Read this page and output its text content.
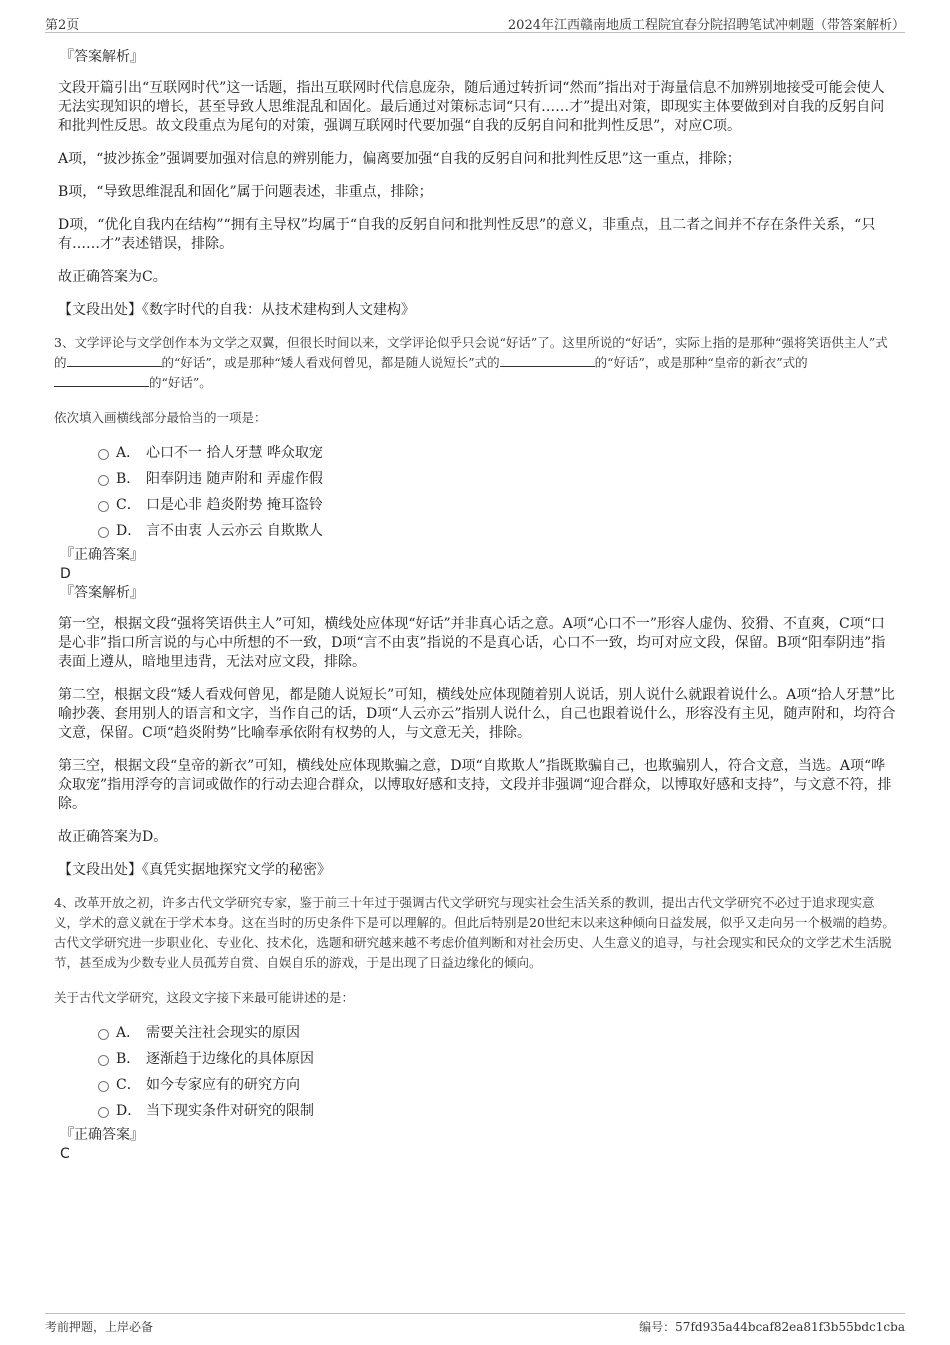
第2页	2024年江西赣南地质工程院宜春分院招聘笔试冲刺题（带答案解析）

『答案解析』

文段开篇引出“互联网时代”这一话题，指出互联网时代信息庞杂，随后通过转折词“然而”指出对于海量信息不加辨别地接受可能会使人无法实现知识的增长，甚至导致人思维混乱和固化。最后通过对策标志词“只有……才”提出对策，即现实主体要做到对自我的反躬自问和批判性反思。故文段重点为尾句的对策，强调互联网时代要加强“自我的反躬自问和批判性反思”，对应C项。

A项，“披沙拣金”强调要加强对信息的辨别能力，偏离要加强“自我的反躬自问和批判性反思”这一重点，排除；

B项，“导致思维混乱和固化”属于问题表述，非重点，排除；

D项，“优化自我内在结构”“拥有主导权”均属于“自我的反躬自问和批判性反思”的意义，非重点，且二者之间并不存在条件关系，“只有……才”表述错误，排除。

故正确答案为C。

【文段出处】《数字时代的自我：从技术建构到人文建构》

3、文学评论与文学创作本为文学之双翼，但很长时间以来，文学评论似乎只会说“好话”了。这里所说的“好话”，实际上指的是那种“强将笑语供主人”式的	的“好话”，或是那种“矮人看戏何曾见，都是随人说短长”式的	的“好话”，或是那种“皇帝的新衣”式的的“好话”。

依次填入画横线部分最恰当的一项是：

A． 心口不一 拾人牙慧 哗众取宠
B． 阳奉阴违 随声附和 弄虚作假
C． 口是心非 趋炎附势 掩耳盗铃
D． 言不由衷 人云亦云 自欺欺人

『正确答案』

D

『答案解析』

第一空，根据文段“强将笑语供主人”可知，横线处应体现“好话”并非真心话之意。A项“心口不一”形容人虚伪、狡猾、不直爽，C项“口是心非”指口所言说的与心中所想的不一致，D项“言不由衷”指说的不是真心话，心口不一致，均可对应文段，保留。B项“阳奉阴违”指表面上遵从，暗地里违背，无法对应文段，排除。

第二空，根据文段“矮人看戏何曾见，都是随人说短长”可知，横线处应体现随着别人说话，别人说什么就跟着说什么。A项“拾人牙慧”比喻抄袭、套用别人的语言和文字，当作自己的话，D项“人云亦云”指别人说什么，自己也跟着说什么，形容没有主见，随声附和，均符合文意，保留。C项“趋炎附势”比喻奉承依附有权势的人，与文意无关，排除。

第三空，根据文段“皇帝的新衣”可知，横线处应体现欺骗之意，D项“自欺欺人”指既欺骗自己，也欺骗别人，符合文意，当选。A项“哗众取宠”指用浮夸的言词或做作的行动去迎合群众，以博取好感和支持，文段并非强调“迎合群众，以博取好感和支持”，与文意不符，排除。

故正确答案为D。

【文段出处】《真凭实据地探究文学的秘密》

4、改革开放之初，许多古代文学研究专家，鉴于前三十年过于强调古代文学研究与现实社会生活关系的教训，提出古代文学研究不必过于追求现实意义，学术的意义就在于学术本身。这在当时的历史条件下是可以理解的。但此后特别是20世纪末以来这种倾向日益发展，似乎又走向另一个极端的趋势。古代文学研究进一步职业化、专业化、技术化，选题和研究越来越不考虑价值判断和对社会历史、人生意义的追寻，与社会现实和民众的文学艺术生活脱节，甚至成为少数专业人员孤芳自赏、自娱自乐的游戏，于是出现了日益边缘化的倾向。

关于古代文学研究，这段文字接下来最可能讲述的是：

A． 需要关注社会现实的原因
B． 逐渐趋于边缘化的具体原因
C． 如今专家应有的研究方向
D． 当下现实条件对研究的限制

『正确答案』

C

考前押题，上岸必备	编号：57fd935a44bcaf82ea81f3b55bdc1cba
